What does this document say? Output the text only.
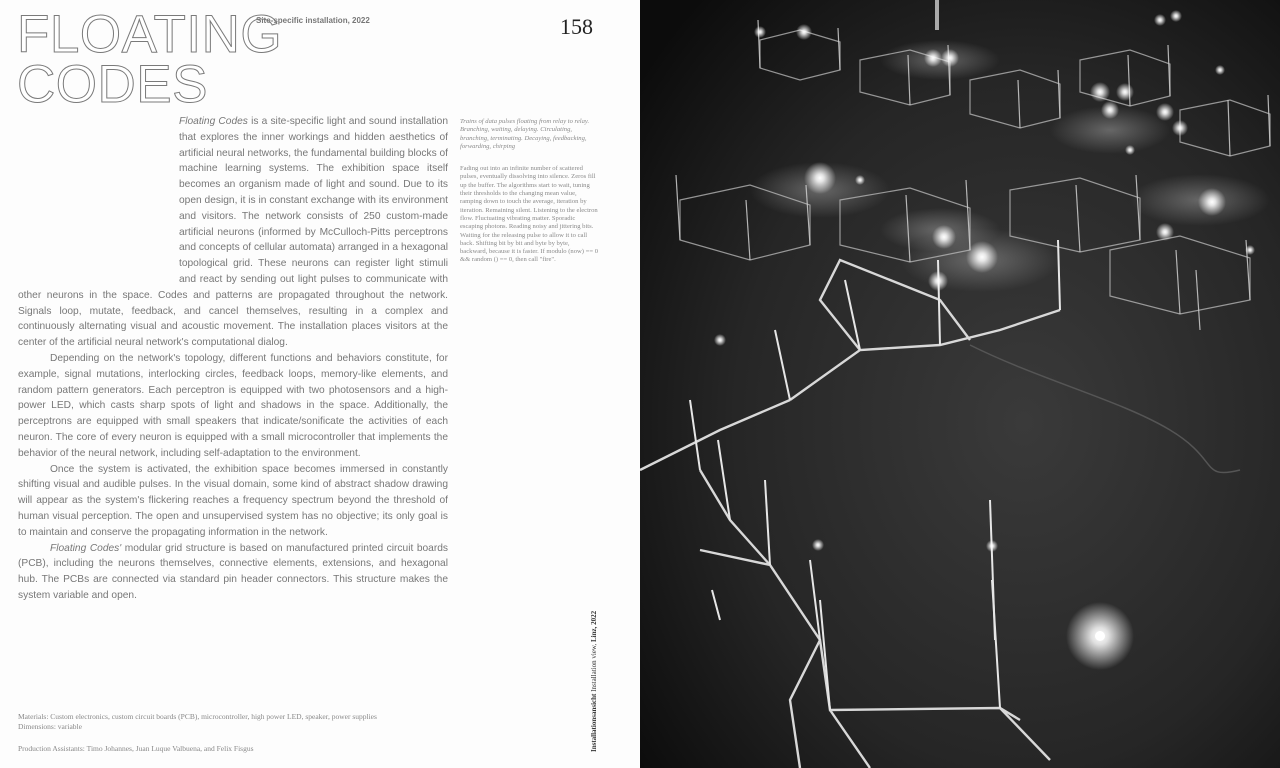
FLOATING
CODES
Site-specific installation, 2022	158

Floating Codes is a site-specific light and sound installation that explores the inner workings and hidden aesthetics of artificial neural networks, the fundamental building blocks of machine learning systems. The exhibition space itself becomes an organism made of light and sound. Due to its open design, it is in constant exchange with its environment and visitors. The network consists of 250 custom-made artificial neurons (informed by McCulloch-Pitts perceptrons and concepts of cellular automata) arranged in a hexagonal topological grid. These neurons can register light stimuli and react by sending out light pulses to communicate with other neurons in the space. Codes and patterns are propagated throughout the network. Signals loop, mutate, feedback, and cancel themselves, resulting in a complex and continuously alternating visual and acoustic movement. The installation places visitors at the center of the artificial neural network's computational dialog.

Depending on the network's topology, different functions and behaviors constitute, for example, signal mutations, interlocking circles, feedback loops, memory-like elements, and random pattern generators. Each perceptron is equipped with two photosensors and a high-power LED, which casts sharp spots of light and shadows in the space. Additionally, the perceptrons are equipped with small speakers that indicate/sonificate the activities of each neuron. The core of every neuron is equipped with a small microcontroller that implements the behavior of the neural network, including self-adaptation to the environment.

Once the system is activated, the exhibition space becomes immersed in constantly shifting visual and audible pulses. In the visual domain, some kind of abstract shadow drawing will appear as the system's flickering reaches a frequency spectrum beyond the threshold of human visual perception. The open and unsupervised system has no objective; its only goal is to maintain and conserve the propagating information in the network.

Floating Codes' modular grid structure is based on manufactured printed circuit boards (PCB), including the neurons themselves, connective elements, extensions, and hexagonal hub. The PCBs are connected via standard pin header connectors. This structure makes the system variable and open.

Trains of data pulses floating from relay to relay. Branching, waiting, delaying. Circulating, branching, terminating. Decaying, feedbacking, forwarding, chirping

Fading out into an infinite number of scattered pulses, eventually dissolving into silence. Zeros fill up the buffer. The algorithms start to wait, tuning their thresholds to the changing mean value, ramping down to touch the average, iteration by iteration. Remaining silent. Listening to the electron flow. Fluctuating vibrating matter. Sporadic escaping photons. Reading noisy and jittering bits. Waiting for the releasing pulse to allow it to call back. Shifting bit by bit and byte by byte, backward, because it is faster. If modulo (now) == 0 && random () == 0, then call "fire".

Materials: Custom electronics, custom circuit boards (PCB), microcontroller, high power LED, speaker, power supplies

Dimensions: variable

Production Assistants: Timo Johannes, Juan Luque Valbuena, and Felix Fisgus	Installationsansicht Installation view, Linz, 2022
